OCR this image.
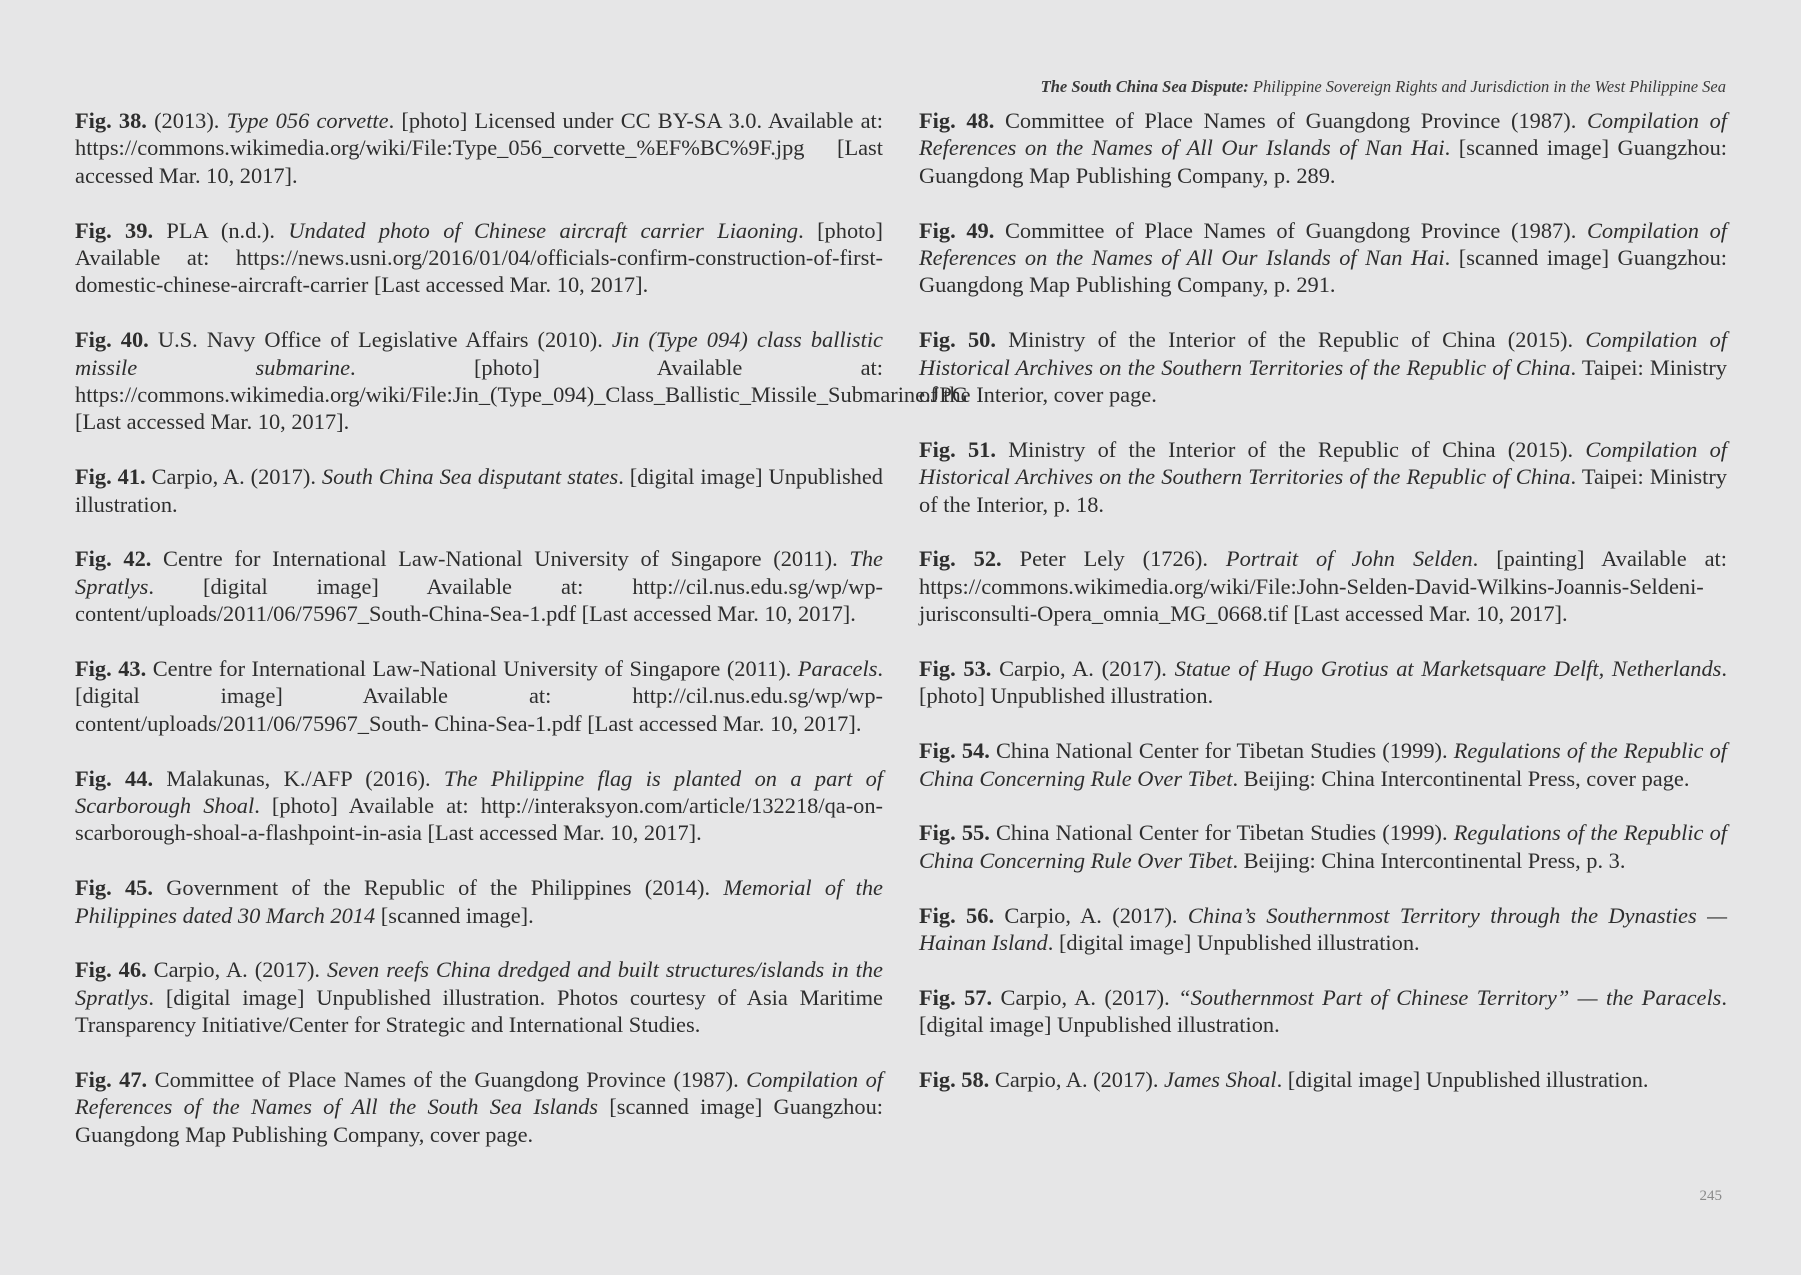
The South China Sea Dispute: Philippine Sovereign Rights and Jurisdiction in the West Philippine Sea

Fig. 38. (2013). Type 056 corvette. [photo] Licensed under CC BY-SA 3.0. Available at: https://commons.wikimedia.org/wiki/File:Type_056_corvette_%EF%BC%9F.jpg [Last accessed Mar. 10, 2017].

Fig. 39. PLA (n.d.). Undated photo of Chinese aircraft carrier Liaoning. [photo] Available at: https://news.usni.org/2016/01/04/officials-confirm-construction-of-first-domestic-chinese-aircraft-carrier [Last accessed Mar. 10, 2017].

Fig. 40. U.S. Navy Office of Legislative Affairs (2010). Jin (Type 094) class ballistic missile submarine. [photo] Available at: https://commons.wikimedia.org/wiki/File:Jin_(Type_094)_Class_Ballistic_Missile_Submarine.JPG [Last accessed Mar. 10, 2017].

Fig. 41. Carpio, A. (2017). South China Sea disputant states. [digital image] Unpublished illustration.

Fig. 42. Centre for International Law-National University of Singapore (2011). The Spratlys. [digital image] Available at: http://cil.nus.edu.sg/wp/wp-content/uploads/2011/06/75967_South-China-Sea-1.pdf [Last accessed Mar. 10, 2017].

Fig. 43. Centre for International Law-National University of Singapore (2011). Paracels. [digital image] Available at: http://cil.nus.edu.sg/wp/wp-content/uploads/2011/06/75967_South- China-Sea-1.pdf [Last accessed Mar. 10, 2017].

Fig. 44. Malakunas, K./AFP (2016). The Philippine flag is planted on a part of Scarborough Shoal. [photo] Available at: http://interaksyon.com/article/132218/qa-on-scarborough-shoal-a-flashpoint-in-asia [Last accessed Mar. 10, 2017].

Fig. 45. Government of the Republic of the Philippines (2014). Memorial of the Philippines dated 30 March 2014 [scanned image].

Fig. 46. Carpio, A. (2017). Seven reefs China dredged and built structures/islands in the Spratlys. [digital image] Unpublished illustration. Photos courtesy of Asia Maritime Transparency Initiative/Center for Strategic and International Studies.

Fig. 47. Committee of Place Names of the Guangdong Province (1987). Compilation of References of the Names of All the South Sea Islands [scanned image] Guangzhou: Guangdong Map Publishing Company, cover page.

Fig. 48. Committee of Place Names of Guangdong Province (1987). Compilation of References on the Names of All Our Islands of Nan Hai. [scanned image] Guangzhou: Guangdong Map Publishing Company, p. 289.

Fig. 49. Committee of Place Names of Guangdong Province (1987). Compilation of References on the Names of All Our Islands of Nan Hai. [scanned image] Guangzhou: Guangdong Map Publishing Company, p. 291.

Fig. 50. Ministry of the Interior of the Republic of China (2015). Compilation of Historical Archives on the Southern Territories of the Republic of China. Taipei: Ministry of the Interior, cover page.

Fig. 51. Ministry of the Interior of the Republic of China (2015). Compilation of Historical Archives on the Southern Territories of the Republic of China. Taipei: Ministry of the Interior, p. 18.

Fig. 52. Peter Lely (1726). Portrait of John Selden. [painting] Available at: https://commons.wikimedia.org/wiki/File:John-Selden-David-Wilkins-Joannis-Seldeni-jurisconsulti-Opera_omnia_MG_0668.tif [Last accessed Mar. 10, 2017].

Fig. 53. Carpio, A. (2017). Statue of Hugo Grotius at Marketsquare Delft, Netherlands. [photo] Unpublished illustration.

Fig. 54. China National Center for Tibetan Studies (1999). Regulations of the Republic of China Concerning Rule Over Tibet. Beijing: China Intercontinental Press, cover page.

Fig. 55. China National Center for Tibetan Studies (1999). Regulations of the Republic of China Concerning Rule Over Tibet. Beijing: China Intercontinental Press, p. 3.

Fig. 56. Carpio, A. (2017). China’s Southernmost Territory through the Dynasties — Hainan Island. [digital image] Unpublished illustration.

Fig. 57. Carpio, A. (2017). “Southernmost Part of Chinese Territory” — the Paracels. [digital image] Unpublished illustration.

Fig. 58. Carpio, A. (2017). James Shoal. [digital image] Unpublished illustration.

245
